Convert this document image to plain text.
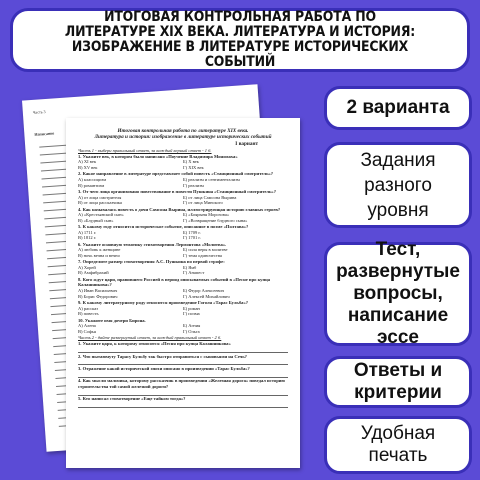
ИТОГОВАЯ КОНТРОЛЬНАЯ РАБОТА ПО ЛИТЕРАТУРЕ XIX ВЕКА. ЛИТЕРАТУРА И ИСТОРИЯ: ИЗОБРАЖЕНИЕ В ЛИТЕРАТУРЕ ИСТОРИЧЕСКИХ СОБЫТИЙ
Часть 3
Написание	Итоговая контрольная работа по литературе XIX века.
Литература и история: изображение в литературе исторических событий
I вариант
Часть 1 - выбери правильный ответ, за каждый верный ответ - 1 б.
1. Укажите век, в котором было написано «Поучение Владимира Мономаха»
А) XI век	Б) X век
В) XV век	Г) XIX век
2. Какое направление в литературе представляет собой повесть «Станционный смотритель»?
А) классицизм	Б) реализм и сентиментализм
В) романтизм	Г) реализм
3. От чего лица организовано повествование в повести Пушкина «Станционный смотритель»?
А) от лица смотрителя	Б) от лица Самсона Вырина
В) от лица рассказчика	Г) от лица Минского
4. Как называлась повесть о дочи Самсона Вырина, иллюстрирующая историю главных героев?
А) «Крестьянский сын»	Б) «Боярыня Морозова»
В) «Блудный сын»	Г) «Возвращение блудного сына»
5. К какому году относится историческое событие, описанное в поэме «Полтава»?
А) 1711 г.	Б) 1709 г.
В) 1812 г.	Г) 1701 г.
6. Укажите основную тематику стихотворения Лермонтова «Молитва».
А) любовь к женщине	Б) сила веры в молитве
В) ночь вечна и вечно	Г) тема одиночества
7. Определите размер стихотворения А.С. Пушкина по первой строфе:
А) Хорей	Б) Ямб
В) Амфибрахий	Г) Анапест
8. Кого ждут цари, правившего Россией в период описываемых событий в «Песне про купца Калашникова»?
А) Иван Васильевич	Б) Федор Алексеевич
В) Борис Федорович	Г) Алексей Михайлович
9. К какому литературному роду относится произведение Гоголя «Тарас Бульба»?
А) рассказ	Б) роман
В) повесть	Г) поэма
10. Укажите имя дочери Бирона.
А) Алена	Б) Агния
В) Софья	Г) Ольга
Часть 2 - дайте развернутый ответ, за каждый правильный ответ - 2 б.
1. Укажите царя, к которому относится «Песня про купца Калашникова»
2. Что пытаюмуту Тарасу Бульбу так быстро отправиться с сыновьями на Сечь?
3. Отражение какой исторической эпохи описано в произведении «Тарас Бульба»?
4. Как мысли мальчика, которому рассказчик в произведении «Железная дорога» поведал историю строительства той самой железной дороги?
5. Кто написал стихотворение «Еще тайком тогда»?
2 варианта
Задания
разного
уровня
Тест,
развернутые
вопросы,
написание
эссе
Ответы и
критерии
Удобная
печать
